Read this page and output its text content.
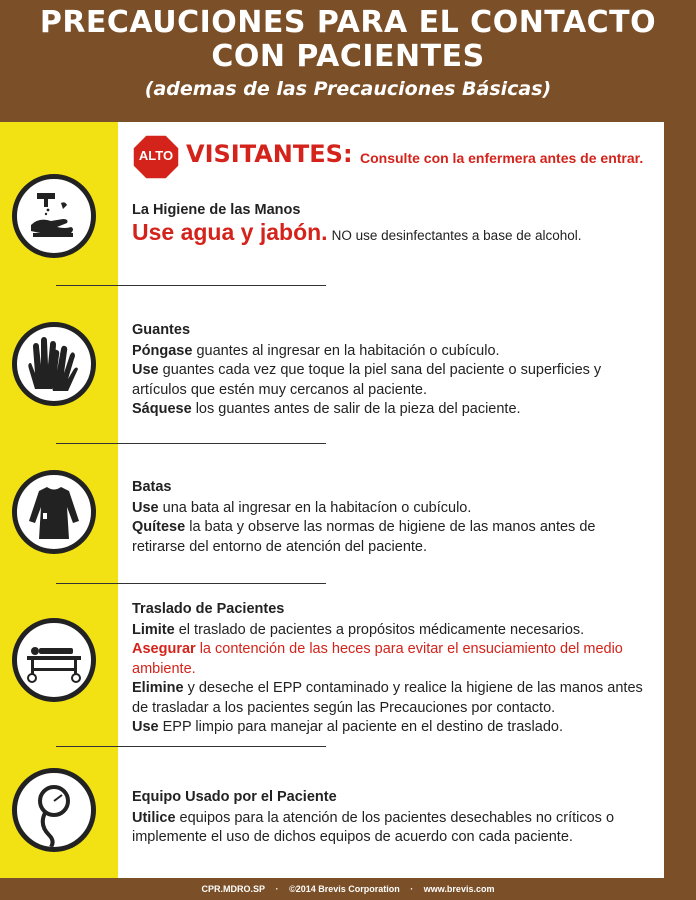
PRECAUCIONES PARA EL CONTACTO
CON PACIENTES
(ademas de las Precauciones Básicas)
ALTO VISITANTES: Consulte con la enfermera antes de entrar.

La Higiene de las Manos

Use agua y jabón. NO use desinfectantes a base de alcohol.

Guantes

Póngase guantes al ingresar en la habitación o cubículo.

Use guantes cada vez que toque la piel sana del paciente o superficies y artículos que estén muy cercanos al paciente.

Sáquese los guantes antes de salir de la pieza del paciente.

Batas

Use una bata al ingresar en la habitacíon o cubículo.

Quítese la bata y observe las normas de higiene de las manos antes de retirarse del entorno de atención del paciente.

Traslado de Pacientes

Limite el traslado de pacientes a propósitos médicamente necesarios.

Asegurar la contención de las heces para evitar el ensuciamiento del medio ambiente.

Elimine y deseche el EPP contaminado y realice la higiene de las manos antes de trasladar a los pacientes según las Precauciones por contacto.

Use EPP limpio para manejar al paciente en el destino de traslado.

Equipo Usado por el Paciente

Utilice equipos para la atención de los pacientes desechables no críticos o implemente el uso de dichos equipos de acuerdo con cada paciente.

CPR.MDRO.SP · ©2014 Brevis Corporation · www.brevis.com
